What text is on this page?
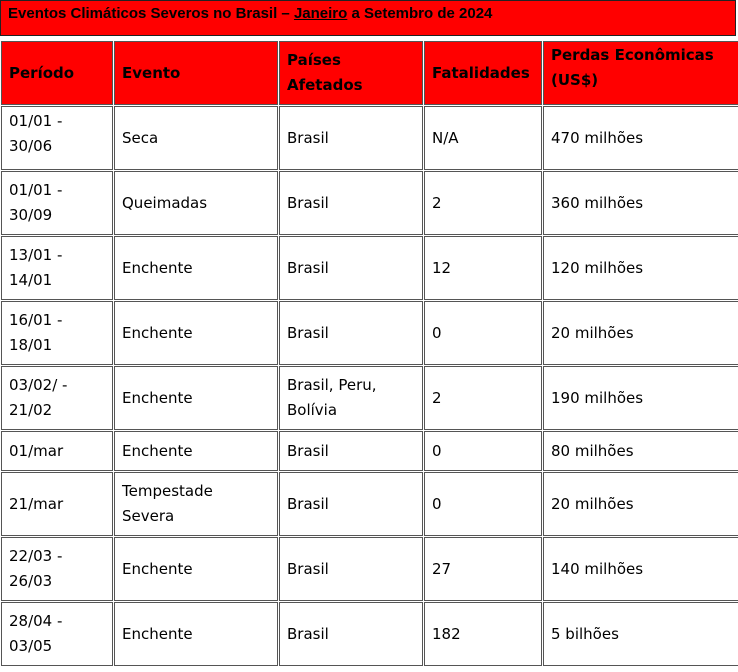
Eventos Climáticos Severos no Brasil – Janeiro a Setembro de 2024
Período	Evento	Países Afetados	Fatalidades	Perdas Econômicas (US$)
01/01 - 30/06	Seca	Brasil	N/A	470 milhões
01/01 - 30/09	Queimadas	Brasil	2	360 milhões
13/01 - 14/01	Enchente	Brasil	12	120 milhões
16/01 - 18/01	Enchente	Brasil	0	20 milhões
03/02/ - 21/02	Enchente	Brasil, Peru, Bolívia	2	190 milhões
01/mar	Enchente	Brasil	0	80 milhões
21/mar	Tempestade Severa	Brasil	0	20 milhões
22/03 - 26/03	Enchente	Brasil	27	140 milhões
28/04 - 03/05	Enchente	Brasil	182	5 bilhões
